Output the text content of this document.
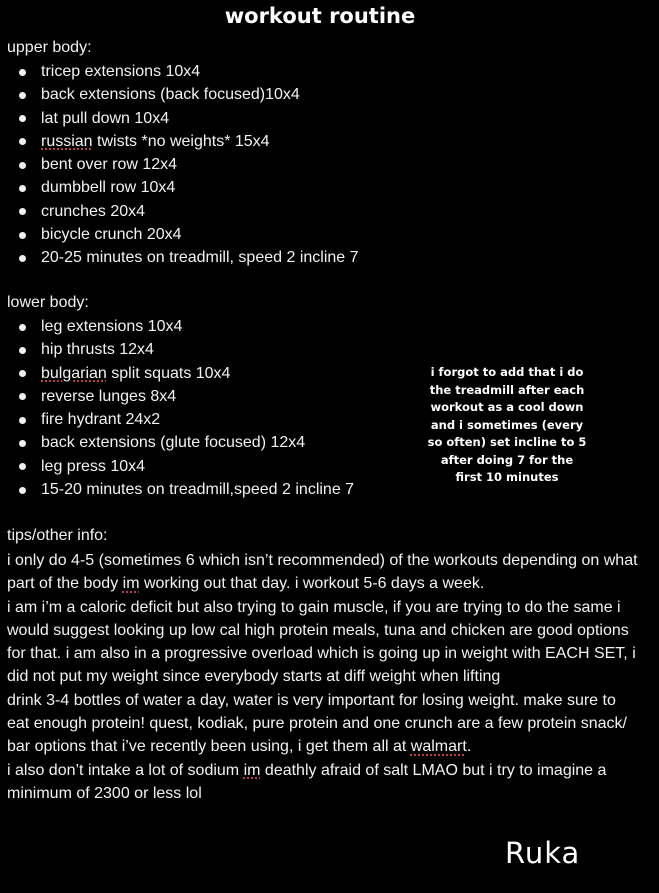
workout routine
upper body:
tricep extensions 10x4
back extensions (back focused)10x4
lat pull down 10x4
russian twists *no weights* 15x4
bent over row 12x4
dumbbell row 10x4
crunches 20x4
bicycle crunch 20x4
20-25 minutes on treadmill, speed 2 incline 7
lower body:
leg extensions 10x4
hip thrusts 12x4
bulgarian split squats 10x4
reverse lunges 8x4
fire hydrant 24x2
back extensions (glute focused) 12x4
leg press 10x4
15-20 minutes on treadmill,speed 2 incline 7

i forgot to add that i do the treadmill after each workout as a cool down and i sometimes (every so often) set incline to 5 after doing 7 for the first 10 minutes

tips/other info:

i only do 4-5 (sometimes 6 which isn’t recommended) of the workouts depending on what part of the body im working out that day. i workout 5-6 days a week.

i am i’m a caloric deficit but also trying to gain muscle, if you are trying to do the same i would suggest looking up low cal high protein meals, tuna and chicken are good options for that. i am also in a progressive overload which is going up in weight with EACH SET, i did not put my weight since everybody starts at diff weight when lifting

drink 3-4 bottles of water a day, water is very important for losing weight. make sure to eat enough protein! quest, kodiak, pure protein and one crunch are a few protein snack/ bar options that i’ve recently been using, i get them all at walmart.

i also don’t intake a lot of sodium im deathly afraid of salt LMAO but i try to imagine a minimum of 2300 or less lol

Ruka
